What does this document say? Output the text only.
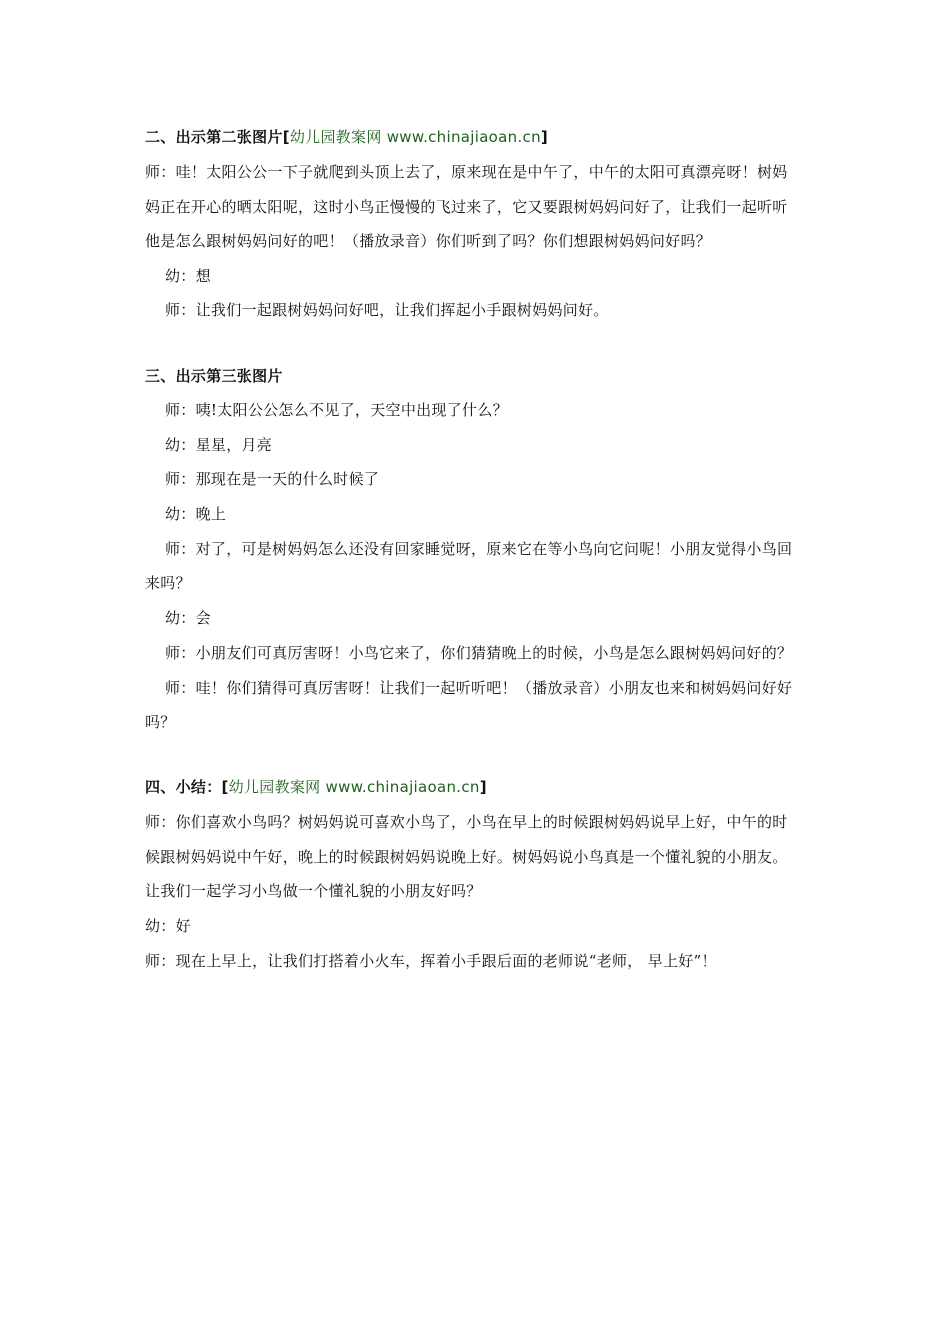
二、出示第二张图片[幼儿园教案网 www.chinajiaoan.cn]
师：哇！太阳公公一下子就爬到头顶上去了，原来现在是中午了，中午的太阳可真漂亮呀！树妈
妈正在开心的晒太阳呢，这时小鸟正慢慢的飞过来了，它又要跟树妈妈问好了，让我们一起听听
他是怎么跟树妈妈问好的吧！（播放录音）你们听到了吗？你们想跟树妈妈问好吗？
幼：想
师：让我们一起跟树妈妈问好吧，让我们挥起小手跟树妈妈问好。
三、出示第三张图片
师：咦!太阳公公怎么不见了，天空中出现了什么？
幼：星星，月亮
师：那现在是一天的什么时候了
幼：晚上
师：对了，可是树妈妈怎么还没有回家睡觉呀，原来它在等小鸟向它问呢！小朋友觉得小鸟回
来吗？
幼：会
师：小朋友们可真厉害呀！小鸟它来了，你们猜猜晚上的时候，小鸟是怎么跟树妈妈问好的？
师：哇！你们猜得可真厉害呀！让我们一起听听吧！（播放录音）小朋友也来和树妈妈问好好
吗？
四、小结：[幼儿园教案网 www.chinajiaoan.cn]
师：你们喜欢小鸟吗？树妈妈说可喜欢小鸟了，小鸟在早上的时候跟树妈妈说早上好，中午的时
候跟树妈妈说中午好，晚上的时候跟树妈妈说晚上好。树妈妈说小鸟真是一个懂礼貌的小朋友。
让我们一起学习小鸟做一个懂礼貌的小朋友好吗？
幼：好
师：现在上早上，让我们打搭着小火车，挥着小手跟后面的老师说“老师， 早上好”！
